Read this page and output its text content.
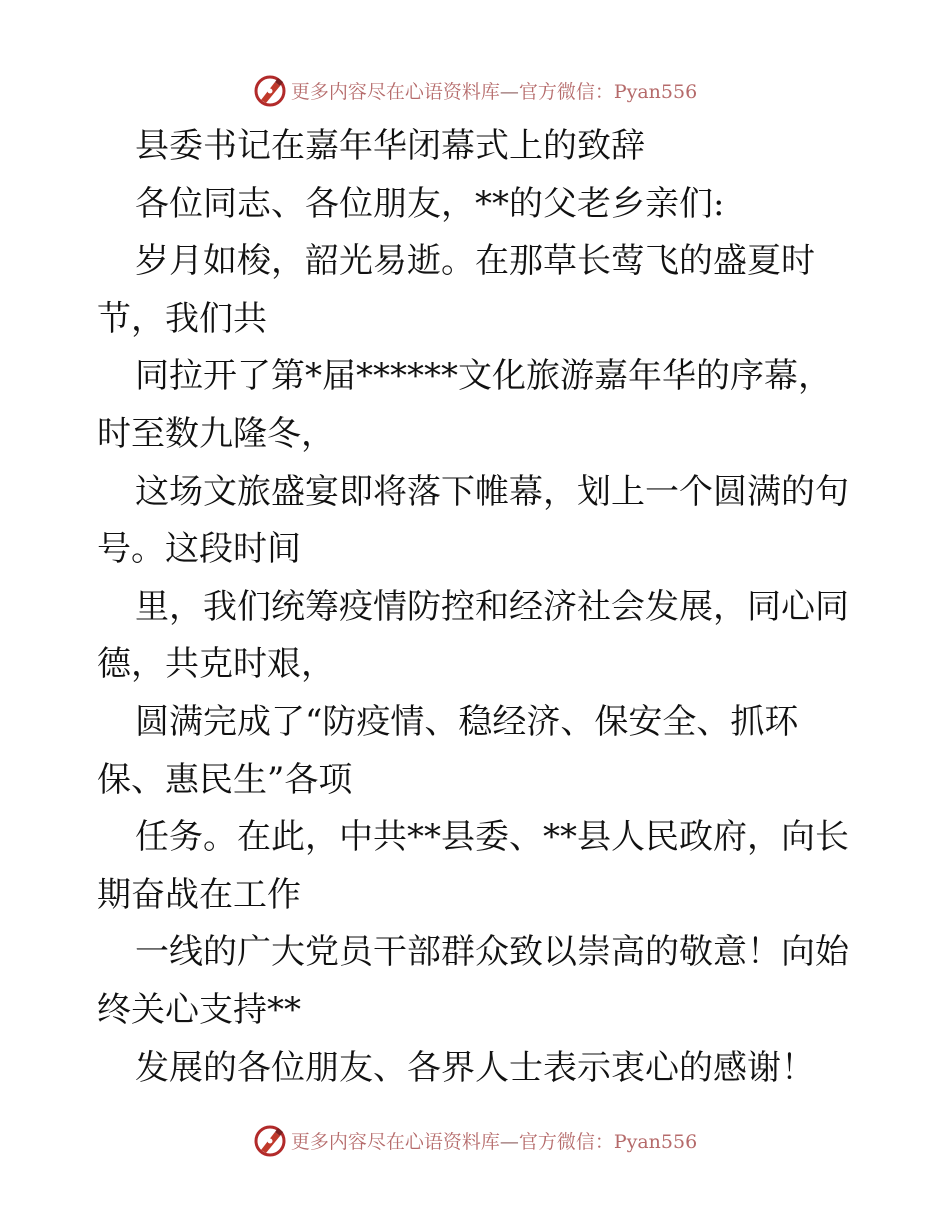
更多内容尽在心语资料库—官方微信：Pyan556
县委书记在嘉年华闭幕式上的致辞
各位同志、各位朋友，**的父老乡亲们:
岁月如梭，韶光易逝。在那草长莺飞的盛夏时
节，我们共
同拉开了第*届******文化旅游嘉年华的序幕，
时至数九隆冬，
这场文旅盛宴即将落下帷幕，划上一个圆满的句
号。这段时间
里，我们统筹疫情防控和经济社会发展，同心同
德，共克时艰，
圆满完成了“防疫情、稳经济、保安全、抓环
保、惠民生”各项
任务。在此，中共**县委、**县人民政府，向长
期奋战在工作
一线的广大党员干部群众致以崇高的敬意！向始
终关心支持**
发展的各位朋友、各界人士表示衷心的感谢！
更多内容尽在心语资料库—官方微信：Pyan556
